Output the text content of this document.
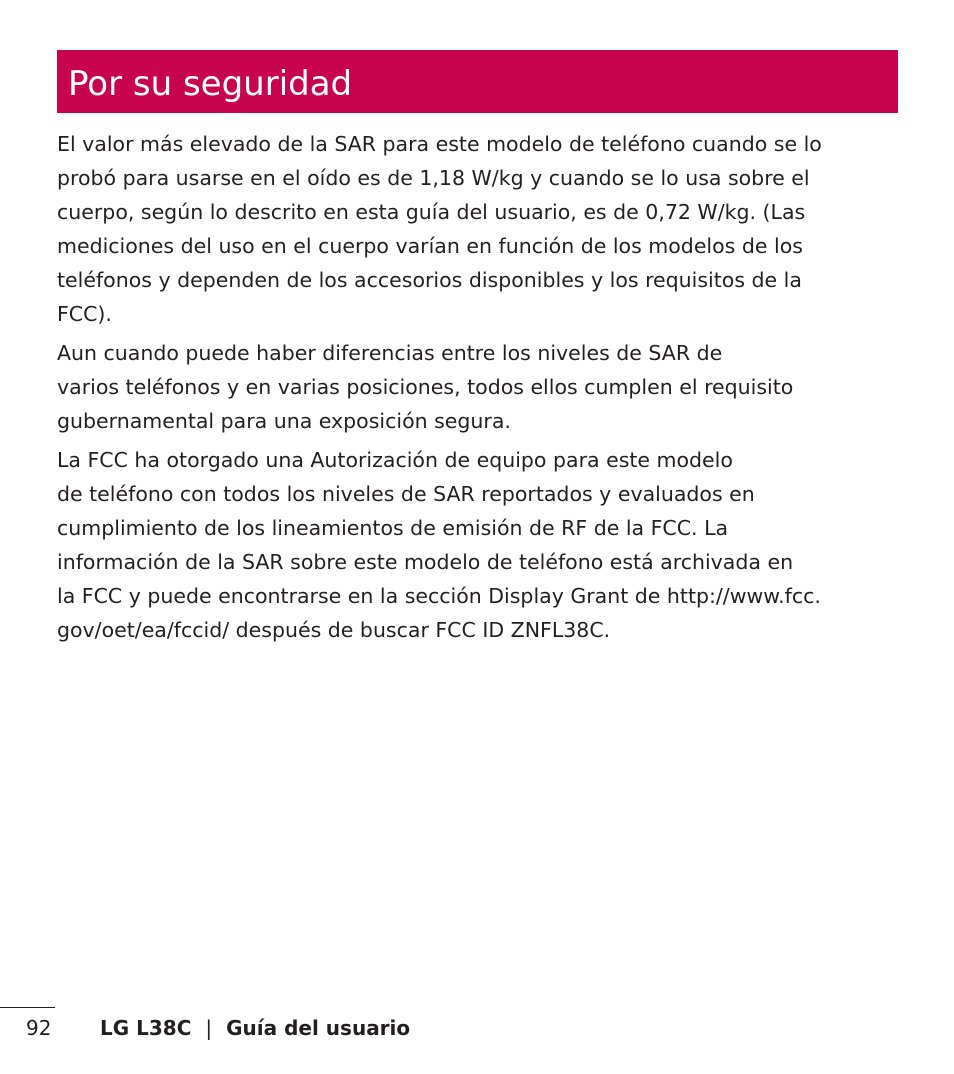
Por su seguridad

El valor más elevado de la SAR para este modelo de teléfono cuando se lo
probó para usarse en el oído es de 1,18 W/kg y cuando se lo usa sobre el
cuerpo, según lo descrito en esta guía del usuario, es de 0,72 W/kg. (Las
mediciones del uso en el cuerpo varían en función de los modelos de los
teléfonos y dependen de los accesorios disponibles y los requisitos de la
FCC).

Aun cuando puede haber diferencias entre los niveles de SAR de
varios teléfonos y en varias posiciones, todos ellos cumplen el requisito
gubernamental para una exposición segura.

La FCC ha otorgado una Autorización de equipo para este modelo
de teléfono con todos los niveles de SAR reportados y evaluados en
cumplimiento de los lineamientos de emisión de RF de la FCC. La
información de la SAR sobre este modelo de teléfono está archivada en
la FCC y puede encontrarse en la sección Display Grant de http://www.fcc.
gov/oet/ea/fccid/ después de buscar FCC ID ZNFL38C.

92	LG L38C | Guía del usuario
